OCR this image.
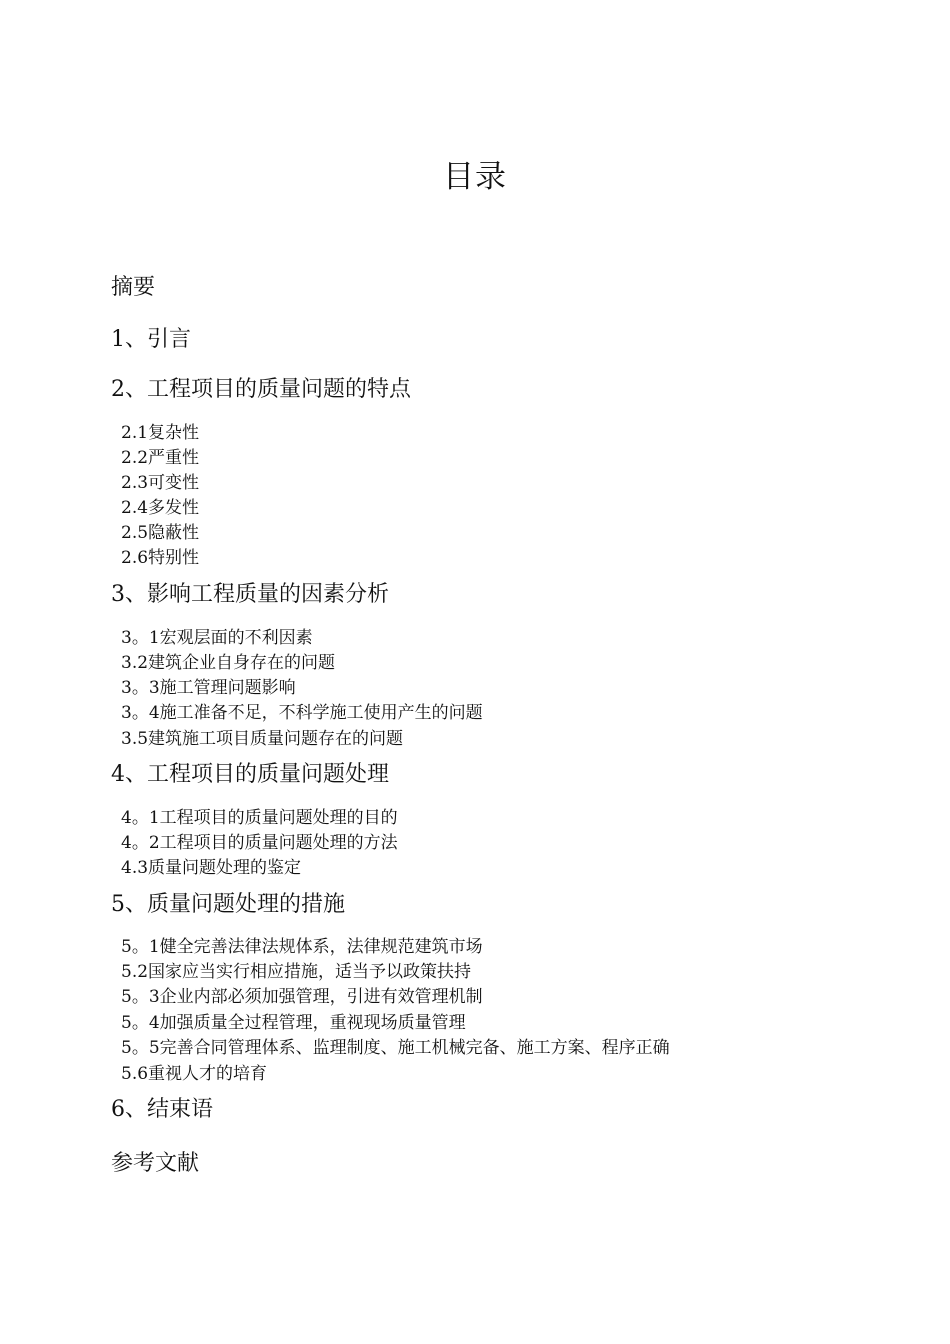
目录
摘要
1、引言
2、工程项目的质量问题的特点
2.1复杂性
2.2严重性
2.3可变性
2.4多发性
2.5隐蔽性
2.6特别性
3、影响工程质量的因素分析
3。1宏观层面的不利因素
3.2建筑企业自身存在的问题
3。3施工管理问题影响
3。4施工准备不足，不科学施工使用产生的问题
3.5建筑施工项目质量问题存在的问题
4、工程项目的质量问题处理
4。1工程项目的质量问题处理的目的
4。2工程项目的质量问题处理的方法
4.3质量问题处理的鉴定
5、质量问题处理的措施
5。1健全完善法律法规体系，法律规范建筑市场
5.2国家应当实行相应措施，适当予以政策扶持
5。3企业内部必须加强管理，引进有效管理机制
5。4加强质量全过程管理，重视现场质量管理
5。5完善合同管理体系、监理制度、施工机械完备、施工方案、程序正确
5.6重视人才的培育
6、结束语
参考文献
